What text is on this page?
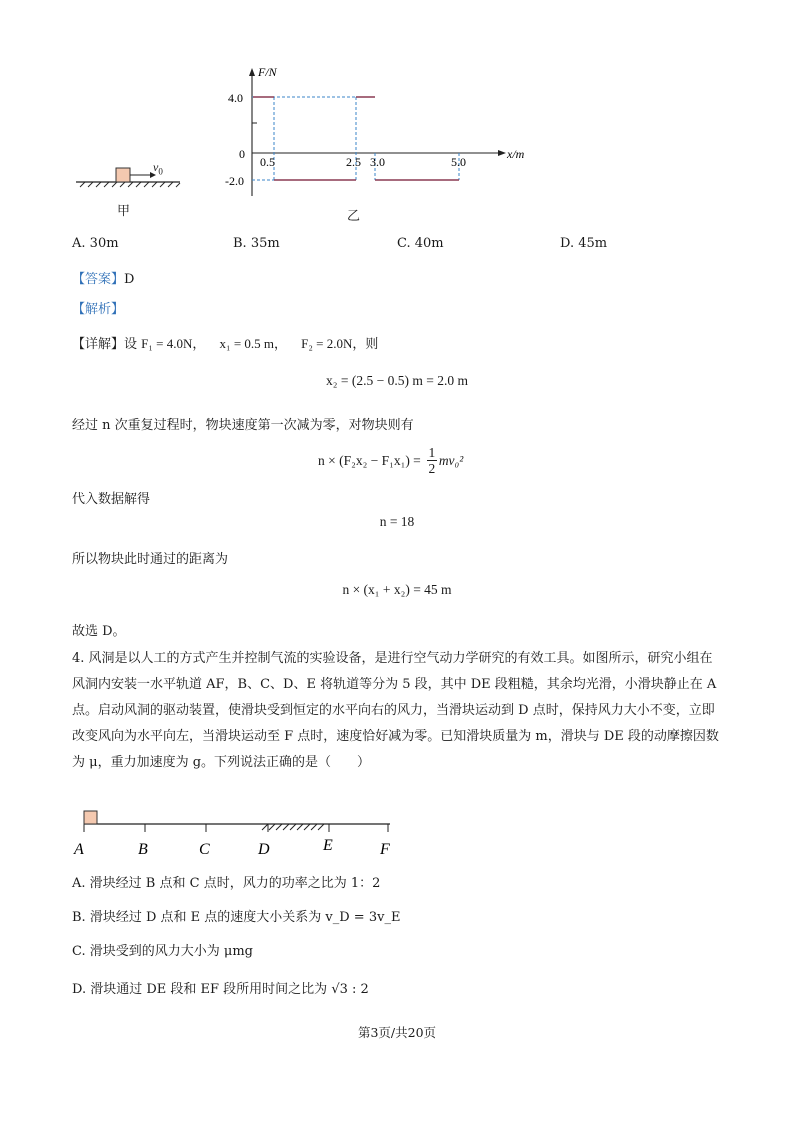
$v_0$
甲
F/N
x/m
4.0
0
-2.0
0.5	2.5 3.0	5.0
乙
A. 30m	B. 35m	C. 40m	D. 45m
【答案】D
【解析】
【详解】设 F₁ = 4.0N， x₁ = 0.5 m， F₂ = 2.0N，则
x₂ = (2.5 − 0.5) m = 2.0 m
经过 n 次重复过程时，物块速度第一次减为零，对物块则有
$n \times (F_2x_2 - F_1x_1) = \frac{1}{2} mv_0^2$
代入数据解得
n = 18
所以物块此时通过的距离为
n × (x₁ + x₂) = 45 m
故选 D。
4. 风洞是以人工的方式产生并控制气流的实验设备，是进行空气动力学研究的有效工具。如图所示，研究小组在风洞内安装一水平轨道 AF，B、C、D、E 将轨道等分为 5 段，其中 DE 段粗糙，其余均光滑，小滑块静止在 A 点。启动风洞的驱动装置，使滑块受到恒定的水平向右的风力，当滑块运动到 D 点时，保持风力大小不变，立即改变风向为水平向左，当滑块运动至 F 点时，速度恰好减为零。已知滑块质量为 m，滑块与 DE 段的动摩擦因数为 μ，重力加速度为 g。下列说法正确的是（　　）
A	B	C	D	E	F
A. 滑块经过 B 点和 C 点时，风力的功率之比为 1：2
B. 滑块经过 D 点和 E 点的速度大小关系为 v_D = 3v_E
C. 滑块受到的风力大小为 μmg
D. 滑块通过 DE 段和 EF 段所用时间之比为 √3 : 2
第3页/共20页
